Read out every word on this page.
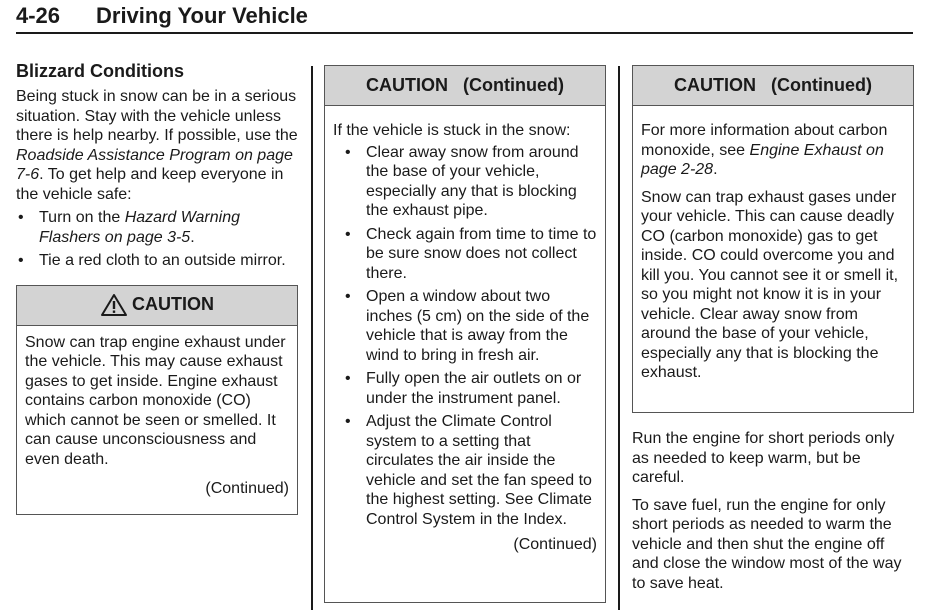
4-26 Driving Your Vehicle
Blizzard Conditions

Being stuck in snow can be in a serious situation. Stay with the vehicle unless there is help nearby. If possible, use the Roadside Assistance Program on page 7-6. To get help and keep everyone in the vehicle safe:

• Turn on the Hazard Warning Flashers on page 3-5.
• Tie a red cloth to an outside mirror.
CAUTION

Snow can trap engine exhaust under the vehicle. This may cause exhaust gases to get inside. Engine exhaust contains carbon monoxide (CO) which cannot be seen or smelled. It can cause unconsciousness and even death.

(Continued)

CAUTION   (Continued)

If the vehicle is stuck in the snow:

• Clear away snow from around the base of your vehicle, especially any that is blocking the exhaust pipe.
• Check again from time to time to be sure snow does not collect there.
• Open a window about two inches (5 cm) on the side of the vehicle that is away from the wind to bring in fresh air.
• Fully open the air outlets on or under the instrument panel.
• Adjust the Climate Control system to a setting that circulates the air inside the vehicle and set the fan speed to the highest setting. See Climate Control System in the Index.

(Continued)

CAUTION   (Continued)

For more information about carbon monoxide, see Engine Exhaust on page 2-28.

Snow can trap exhaust gases under your vehicle. This can cause deadly CO (carbon monoxide) gas to get inside. CO could overcome you and kill you. You cannot see it or smell it, so you might not know it is in your vehicle. Clear away snow from around the base of your vehicle, especially any that is blocking the exhaust.

Run the engine for short periods only as needed to keep warm, but be careful.

To save fuel, run the engine for only short periods as needed to warm the vehicle and then shut the engine off and close the window most of the way to save heat.
